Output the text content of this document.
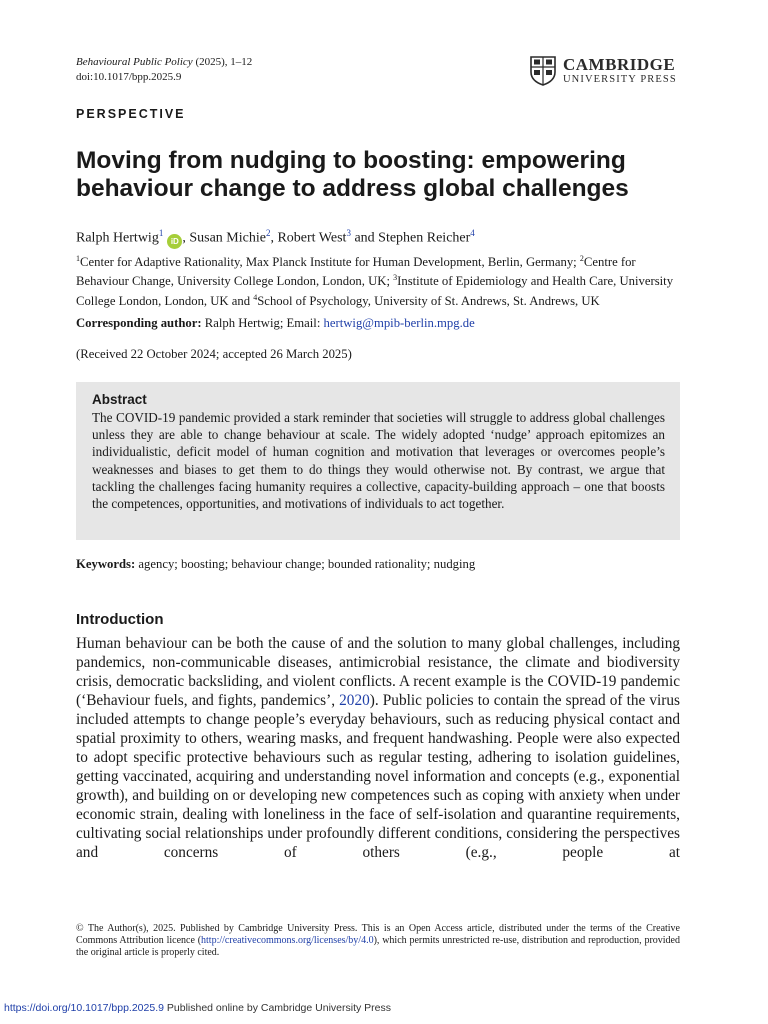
Behavioural Public Policy (2025), 1–12
doi:10.1017/bpp.2025.9
CAMBRIDGE
UNIVERSITY PRESS
PERSPECTIVE
Moving from nudging to boosting: empowering behaviour change to address global challenges
Ralph Hertwig$^1$iD , Susan Michie$^2$, Robert West$^3$ and Stephen Reicher$^4$
$^1$Center for Adaptive Rationality, Max Planck Institute for Human Development, Berlin, Germany; $^2$Centre for Behaviour Change, University College London, London, UK; $^3$Institute of Epidemiology and Health Care, University College London, London, UK and $^4$School of Psychology, University of St. Andrews, St. Andrews, UK
Corresponding author: Ralph Hertwig; Email: hertwig@mpib-berlin.mpg.de
(Received 22 October 2024; accepted 26 March 2025)
Abstract
The COVID-19 pandemic provided a stark reminder that societies will struggle to address global challenges unless they are able to change behaviour at scale. The widely adopted ‘nudge’ approach epitomizes an individualistic, deficit model of human cognition and motivation that leverages or overcomes people’s weaknesses and biases to get them to do things they would otherwise not. By contrast, we argue that tackling the challenges facing humanity requires a collective, capacity-building approach – one that boosts the competences, opportunities, and motivations of individuals to act together.
Keywords: agency; boosting; behaviour change; bounded rationality; nudging
Introduction
Human behaviour can be both the cause of and the solution to many global challenges, including pandemics, non-communicable diseases, antimicrobial resistance, the climate and biodiversity crisis, democratic backsliding, and violent conflicts. A recent example is the COVID-19 pandemic (‘Behaviour fuels, and fights, pandemics’, 2020). Public policies to contain the spread of the virus included attempts to change people’s everyday behaviours, such as reducing physical contact and spatial proximity to others, wearing masks, and frequent handwashing. People were also expected to adopt specific protective behaviours such as regular testing, adhering to isolation guidelines, getting vaccinated, acquiring and understanding novel information and concepts (e.g., exponential growth), and building on or developing new competences such as coping with anxiety when under economic strain, dealing with loneliness in the face of self-isolation and quarantine requirements, cultivating social relationships under profoundly different conditions, considering the perspectives and concerns of others (e.g., people at
© The Author(s), 2025. Published by Cambridge University Press. This is an Open Access article, distributed under the terms of the Creative Commons Attribution licence (http://creativecommons.org/licenses/by/4.0), which permits unrestricted re-use, distribution and reproduction, provided the original article is properly cited.
https://doi.org/10.1017/bpp.2025.9 Published online by Cambridge University Press
